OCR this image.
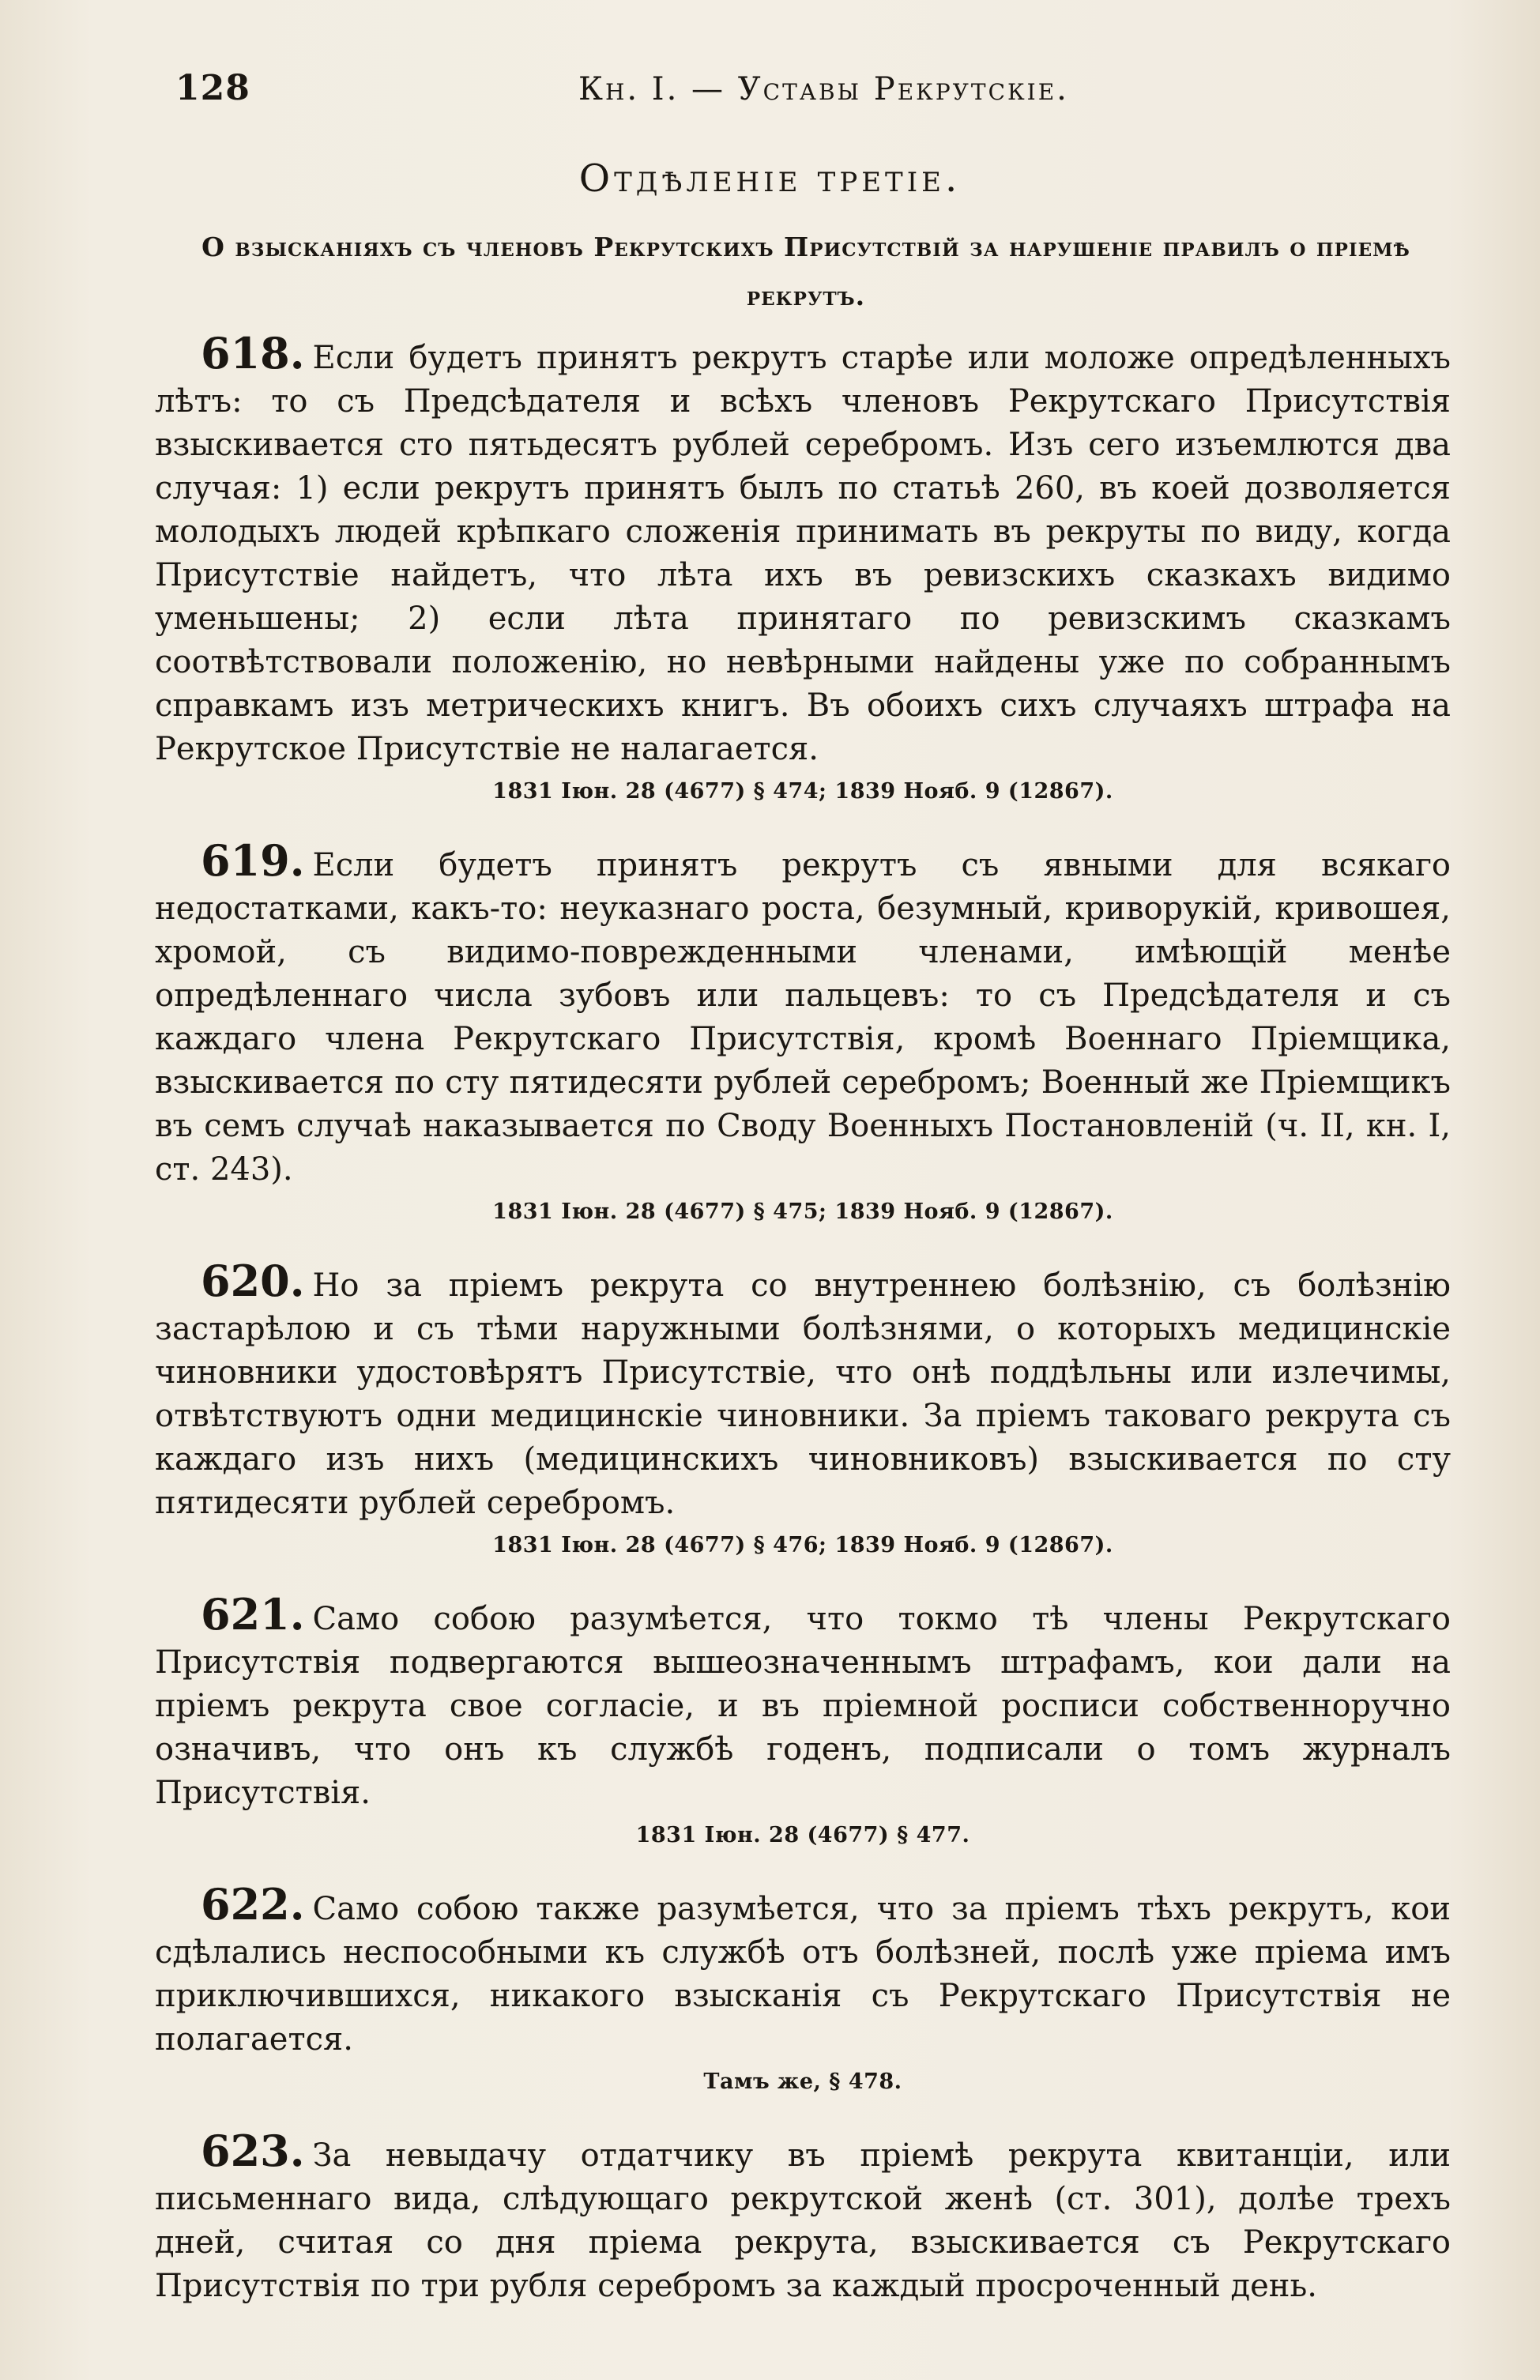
128	Кн. I. — Уставы Рекрутскіе.
Отдѣленіе третіе.
О взысканіяхъ съ членовъ Рекрутскихъ Присутствій за нарушеніе правилъ о пріемѣ рекрутъ.

618. Если будетъ принятъ рекрутъ старѣе или моложе опредѣленныхъ лѣтъ: то съ Предсѣдателя и всѣхъ членовъ Рекрутскаго Присутствія взыскивается сто пятьдесятъ рублей серебромъ. Изъ сего изъемлются два случая: 1) если рекрутъ принятъ былъ по статьѣ 260, въ коей дозволяется молодыхъ людей крѣпкаго сложенія принимать въ рекруты по виду, когда Присутствіе найдетъ, что лѣта ихъ въ ревизскихъ сказкахъ видимо уменьшены; 2) если лѣта принятаго по ревизскимъ сказкамъ соотвѣтствовали положенію, но невѣрными найдены уже по собраннымъ справкамъ изъ метрическихъ книгъ. Въ обоихъ сихъ случаяхъ штрафа на Рекрутское Присутствіе не налагается.

1831 Іюн. 28 (4677) § 474; 1839 Нояб. 9 (12867).

619. Если будетъ принятъ рекрутъ съ явными для всякаго недостатками, какъ-то: неуказнаго роста, безумный, криворукій, кривошея, хромой, съ видимо-поврежденными членами, имѣющій менѣе опредѣленнаго числа зубовъ или пальцевъ: то съ Предсѣдателя и съ каждаго члена Рекрутскаго Присутствія, кромѣ Военнаго Пріемщика, взыскивается по сту пятидесяти рублей серебромъ; Военный же Пріемщикъ въ семъ случаѣ наказывается по Своду Военныхъ Постановленій (ч. II, кн. I, ст. 243).

1831 Іюн. 28 (4677) § 475; 1839 Нояб. 9 (12867).

620. Но за пріемъ рекрута со внутреннею болѣзнію, съ болѣзнію застарѣлою и съ тѣми наружными болѣзнями, о которыхъ медицинскіе чиновники удостовѣрятъ Присутствіе, что онѣ поддѣльны или излечимы, отвѣтствуютъ одни медицинскіе чиновники. За пріемъ таковаго рекрута съ каждаго изъ нихъ (медицинскихъ чиновниковъ) взыскивается по сту пятидесяти рублей серебромъ.

1831 Іюн. 28 (4677) § 476; 1839 Нояб. 9 (12867).

621. Само собою разумѣется, что токмо тѣ члены Рекрутскаго Присутствія подвергаются вышеозначеннымъ штрафамъ, кои дали на пріемъ рекрута свое согласіе, и въ пріемной росписи собственноручно означивъ, что онъ къ службѣ годенъ, подписали о томъ журналъ Присутствія.

1831 Іюн. 28 (4677) § 477.

622. Само собою также разумѣется, что за пріемъ тѣхъ рекрутъ, кои сдѣлались неспособными къ службѣ отъ болѣзней, послѣ уже пріема имъ приключившихся, никакого взысканія съ Рекрутскаго Присутствія не полагается.

Тамъ же, § 478.

623. За невыдачу отдатчику въ пріемѣ рекрута квитанціи, или письменнаго вида, слѣдующаго рекрутской женѣ (ст. 301), долѣе трехъ дней, считая со дня пріема рекрута, взыскивается съ Рекрутскаго Присутствія по три рубля серебромъ за каждый просроченный день.
